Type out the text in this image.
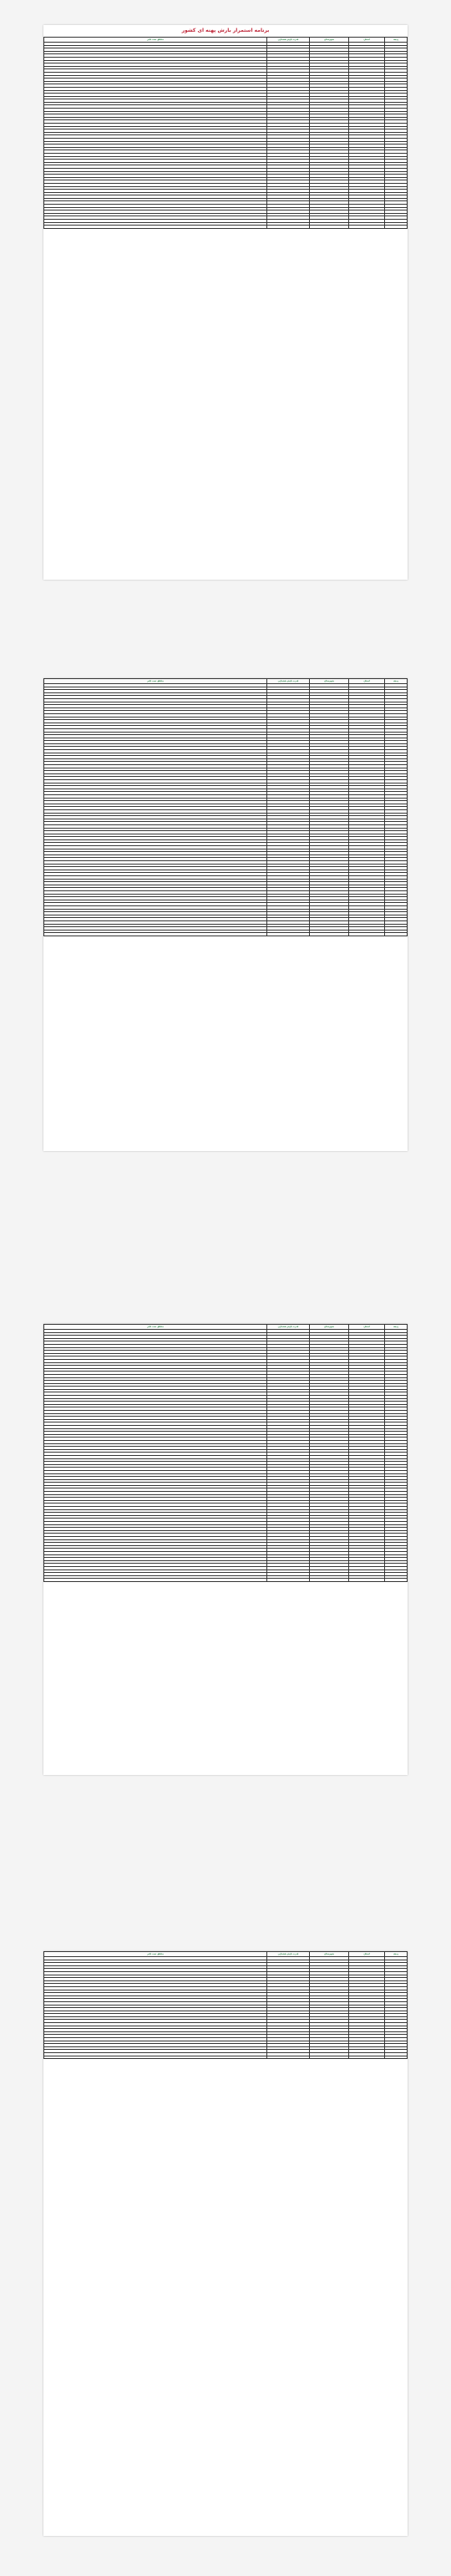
برنامه استمرار بارش پهنه ای کشور
ردیف	استان	شهرستان	قدرت بارش هشداری	مناطق تحت تاثیر

ردیف	استان	شهرستان	قدرت بارش هشداری	مناطق تحت تاثیر

ردیف	استان	شهرستان	قدرت بارش هشداری	مناطق تحت تاثیر

ردیف	استان	شهرستان	قدرت بارش هشداری	مناطق تحت تاثیر
